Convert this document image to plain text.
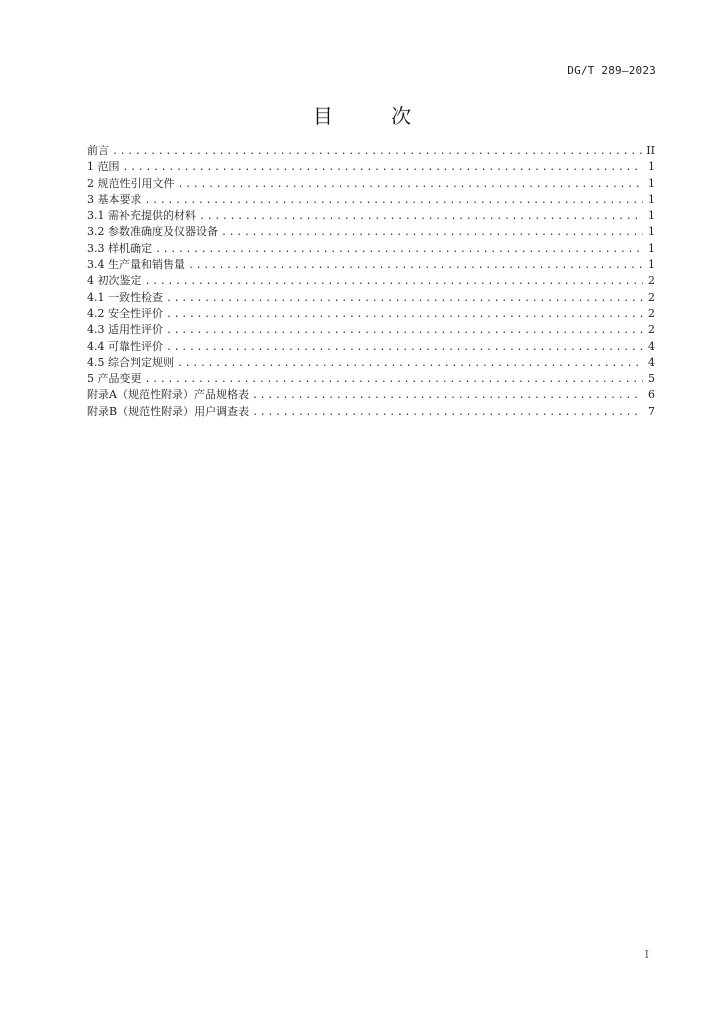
DG/T 289—2023
目 次
前言 .....	II
1 范围 .....	1
2 规范性引用文件 .....	1
3 基本要求 .....	1
3.1 需补充提供的材料 .....	1
3.2 参数准确度及仪器设备 .....	1
3.3 样机确定 .....	1
3.4 生产量和销售量 .....	1
4 初次鉴定 .....	2
4.1 一致性检查 .....	2
4.2 安全性评价 .....	2
4.3 适用性评价 .....	2
4.4 可靠性评价 .....	4
4.5 综合判定规则 .....	4
5 产品变更 .....	5
附录A（规范性附录）产品规格表 .....	6
附录B（规范性附录）用户调查表 .....	7
I
